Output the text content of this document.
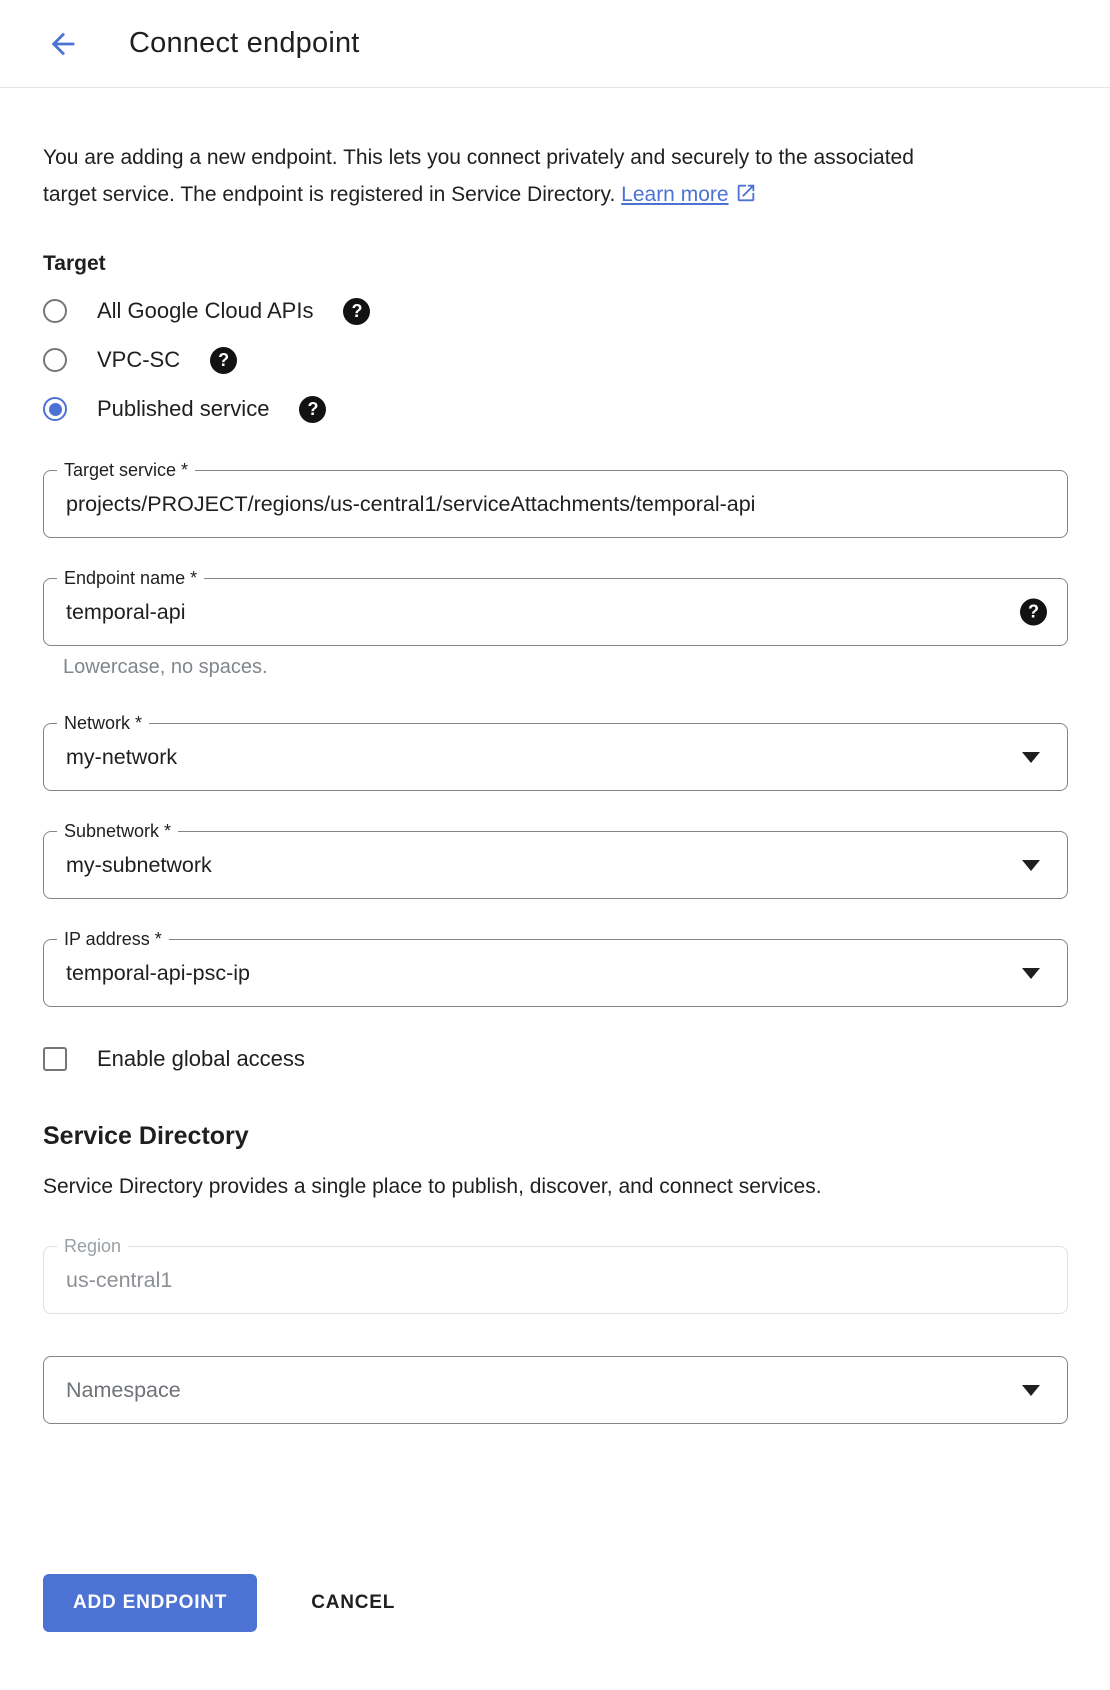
Connect endpoint

You are adding a new endpoint. This lets you connect privately and securely to the associated target service. The endpoint is registered in Service Directory. Learn more

Target
All Google Cloud APIs	?
VPC-SC	?
Published service	?
Target service *
projects/PROJECT/regions/us-central1/serviceAttachments/temporal-api
Endpoint name *
temporal-api	?
Lowercase, no spaces.
Network *
my-network
Subnetwork *
my-subnetwork
IP address *
temporal-api-psc-ip
Enable global access
Service Directory

Service Directory provides a single place to publish, discover, and connect services.

Region
us-central1
Namespace
ADD ENDPOINT	CANCEL
